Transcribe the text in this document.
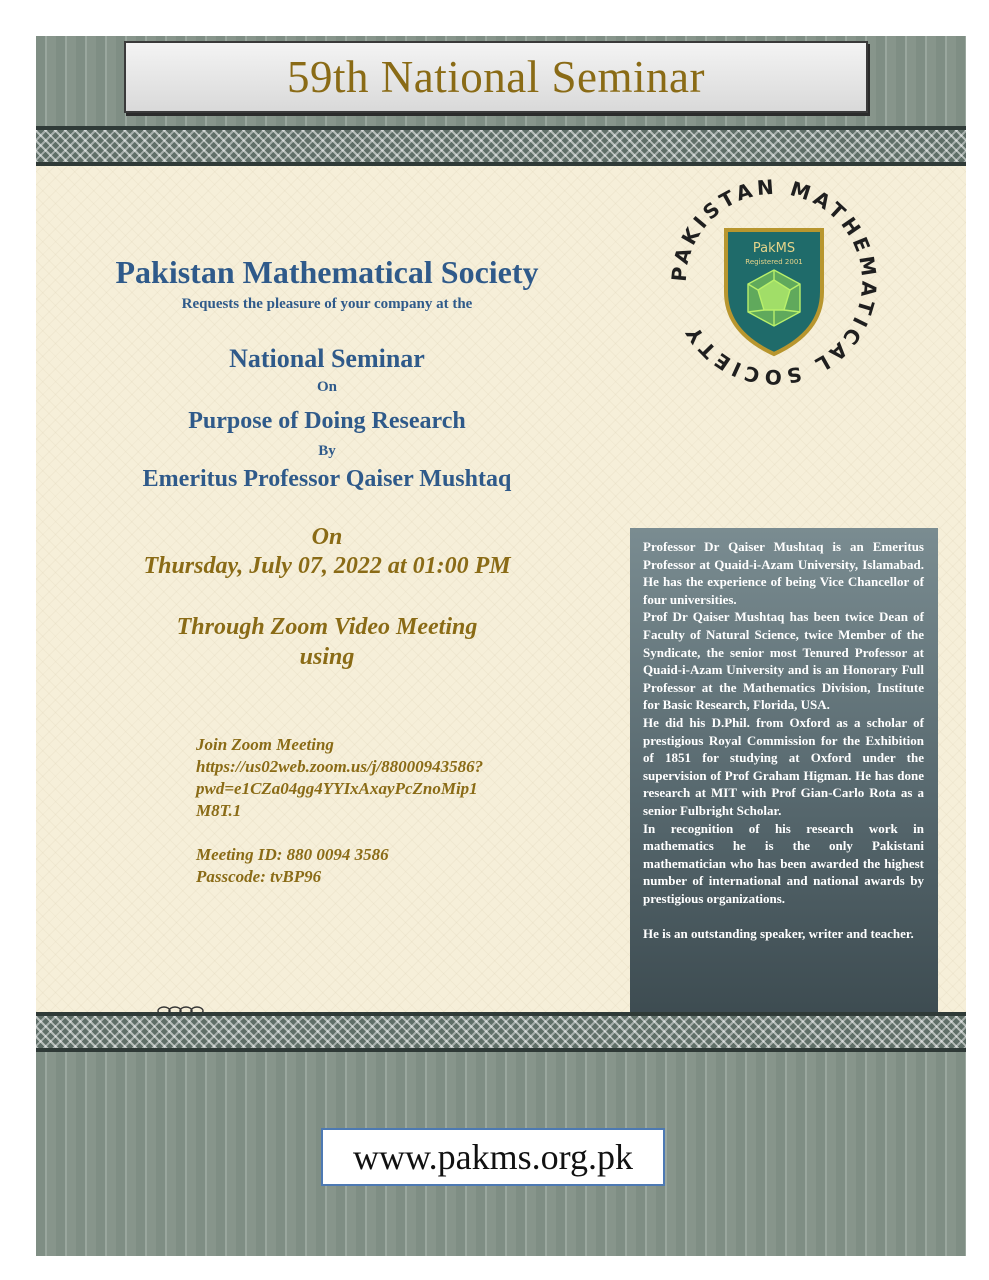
59th National Seminar
Pakistan Mathematical Society
Requests the pleasure of your company at the
National Seminar
On
Purpose of Doing Research
By
Emeritus Professor Qaiser Mushtaq
On
Thursday, July 07, 2022 at 01:00 PM
Through Zoom Video Meeting
using
Join Zoom Meeting
https://us02web.zoom.us/j/88000943586?
pwd=e1CZa04gg4YYIxAxayPcZnoMip1
M8T.1
Meeting ID: 880 0094 3586
Passcode: tvBP96
PAKISTAN MATHEMATICAL SOCIETY
PakMS
Registered 2001

Professor Dr Qaiser Mushtaq is an Emeritus Professor at Quaid-i-Azam University, Islamabad. He has the experience of being Vice Chancellor of four universities.

Prof Dr Qaiser Mushtaq has been twice Dean of Faculty of Natural Science, twice Member of the Syndicate, the senior most Tenured Professor at Quaid-i-Azam University and is an Honorary Full Professor at the Mathematics Division, Institute for Basic Research, Florida, USA.

He did his D.Phil. from Oxford as a scholar of prestigious Royal Commission for the Exhibition of 1851 for studying at Oxford under the supervision of Prof Graham Higman. He has done research at MIT with Prof Gian-Carlo Rota as a senior Fulbright Scholar.

In recognition of his research work in mathematics he is the only Pakistani mathematician who has been awarded the highest number of international and national awards by prestigious organizations.

He is an outstanding speaker, writer and teacher.

www.pakms.org.pk
